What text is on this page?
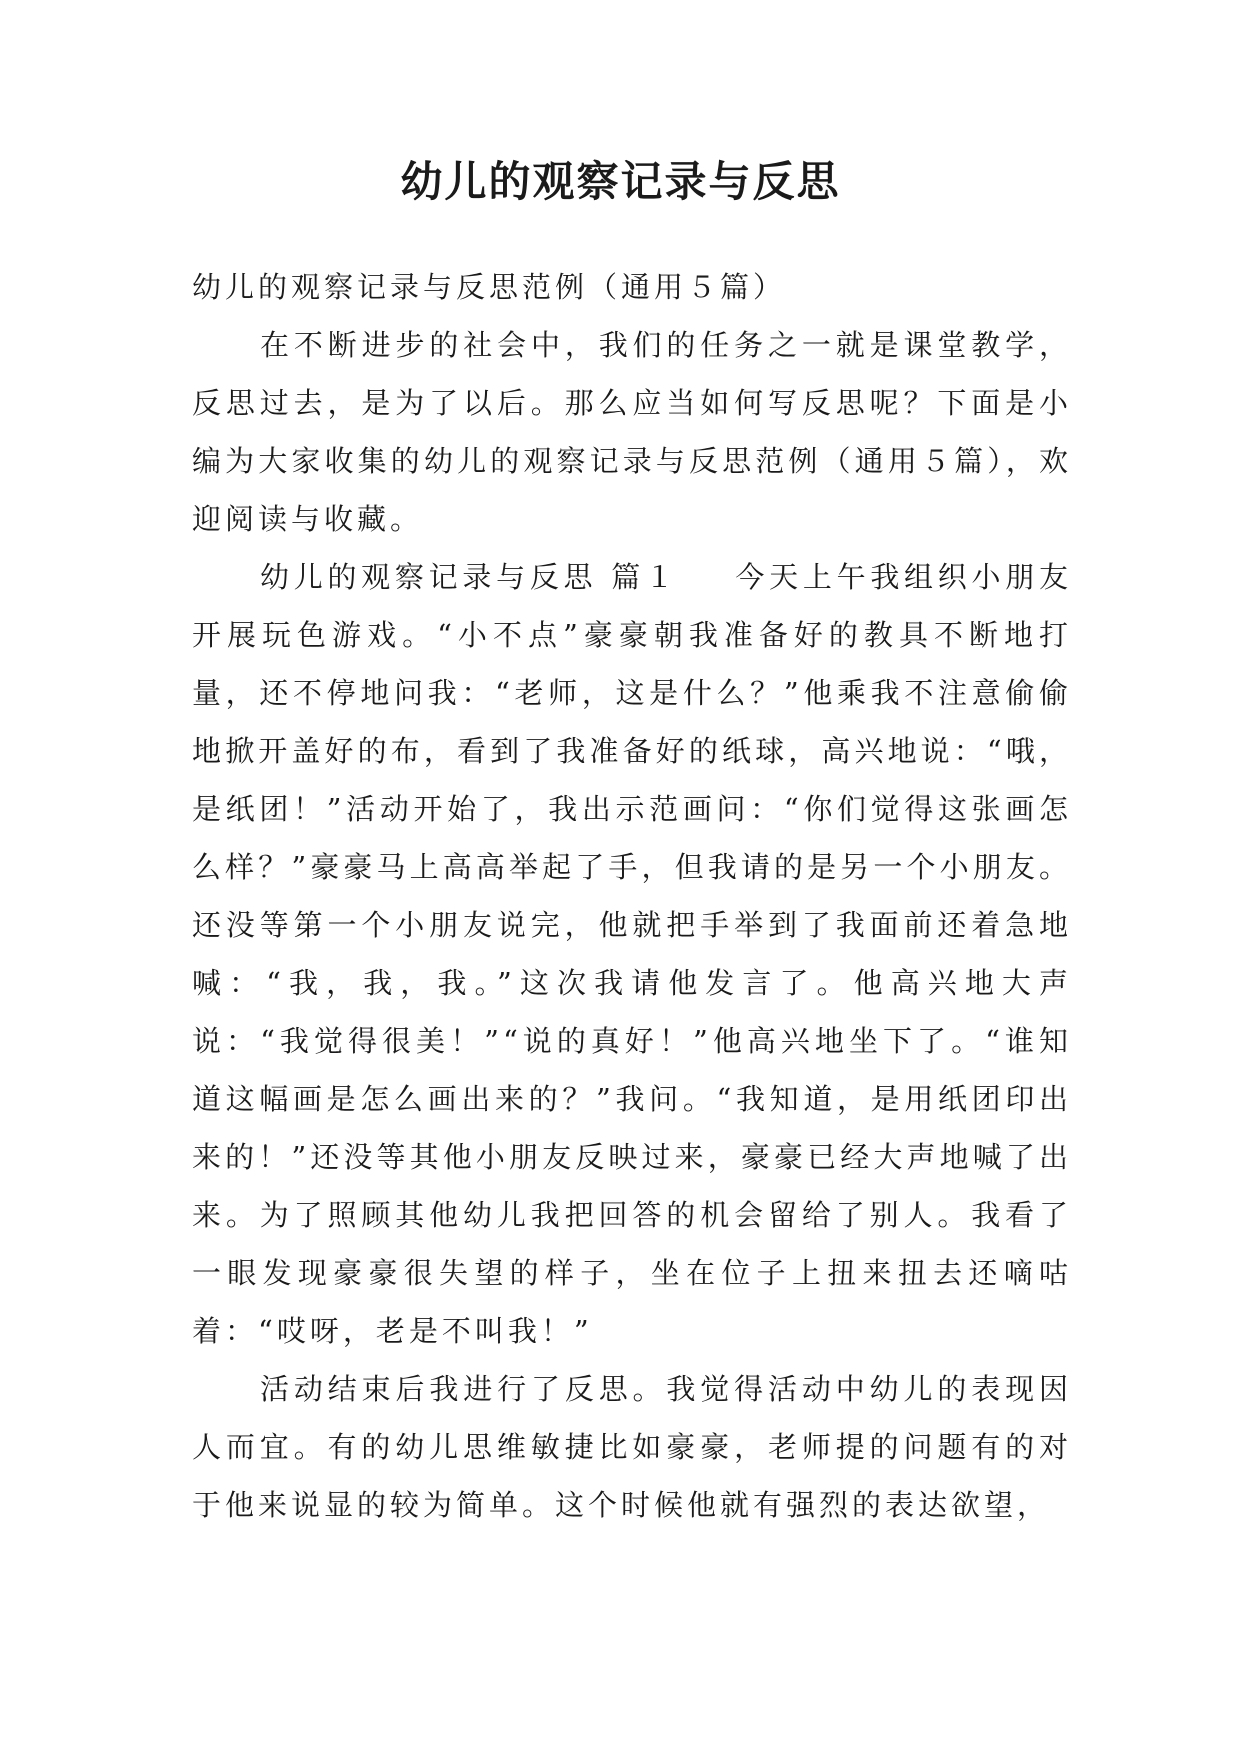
幼儿的观察记录与反思

幼儿的观察记录与反思范例（通用５篇）

在不断进步的社会中，我们的任务之一就是课堂教学，反思过去，是为了以后。那么应当如何写反思呢？下面是小编为大家收集的幼儿的观察记录与反思范例（通用５篇），欢迎阅读与收藏。

幼儿的观察记录与反思 篇１ 今天上午我组织小朋友开展玩色游戏。“小不点”豪豪朝我准备好的教具不断地打量，还不停地问我：“老师，这是什么？”他乘我不注意偷偷地掀开盖好的布，看到了我准备好的纸球，高兴地说：“哦，是纸团！”活动开始了，我出示范画问：“你们觉得这张画怎么样？”豪豪马上高高举起了手，但我请的是另一个小朋友。还没等第一个小朋友说完，他就把手举到了我面前还着急地喊：“我，我，我。”这次我请他发言了。他高兴地大声说：“我觉得很美！”“说的真好！”他高兴地坐下了。“谁知道这幅画是怎么画出来的？”我问。“我知道，是用纸团印出来的！”还没等其他小朋友反映过来，豪豪已经大声地喊了出来。为了照顾其他幼儿我把回答的机会留给了别人。我看了一眼发现豪豪很失望的样子，坐在位子上扭来扭去还嘀咕着：“哎呀，老是不叫我！”

活动结束后我进行了反思。我觉得活动中幼儿的表现因人而宜。有的幼儿思维敏捷比如豪豪，老师提的问题有的对于他来说显的较为简单。这个时候他就有强烈的表达欲望，
